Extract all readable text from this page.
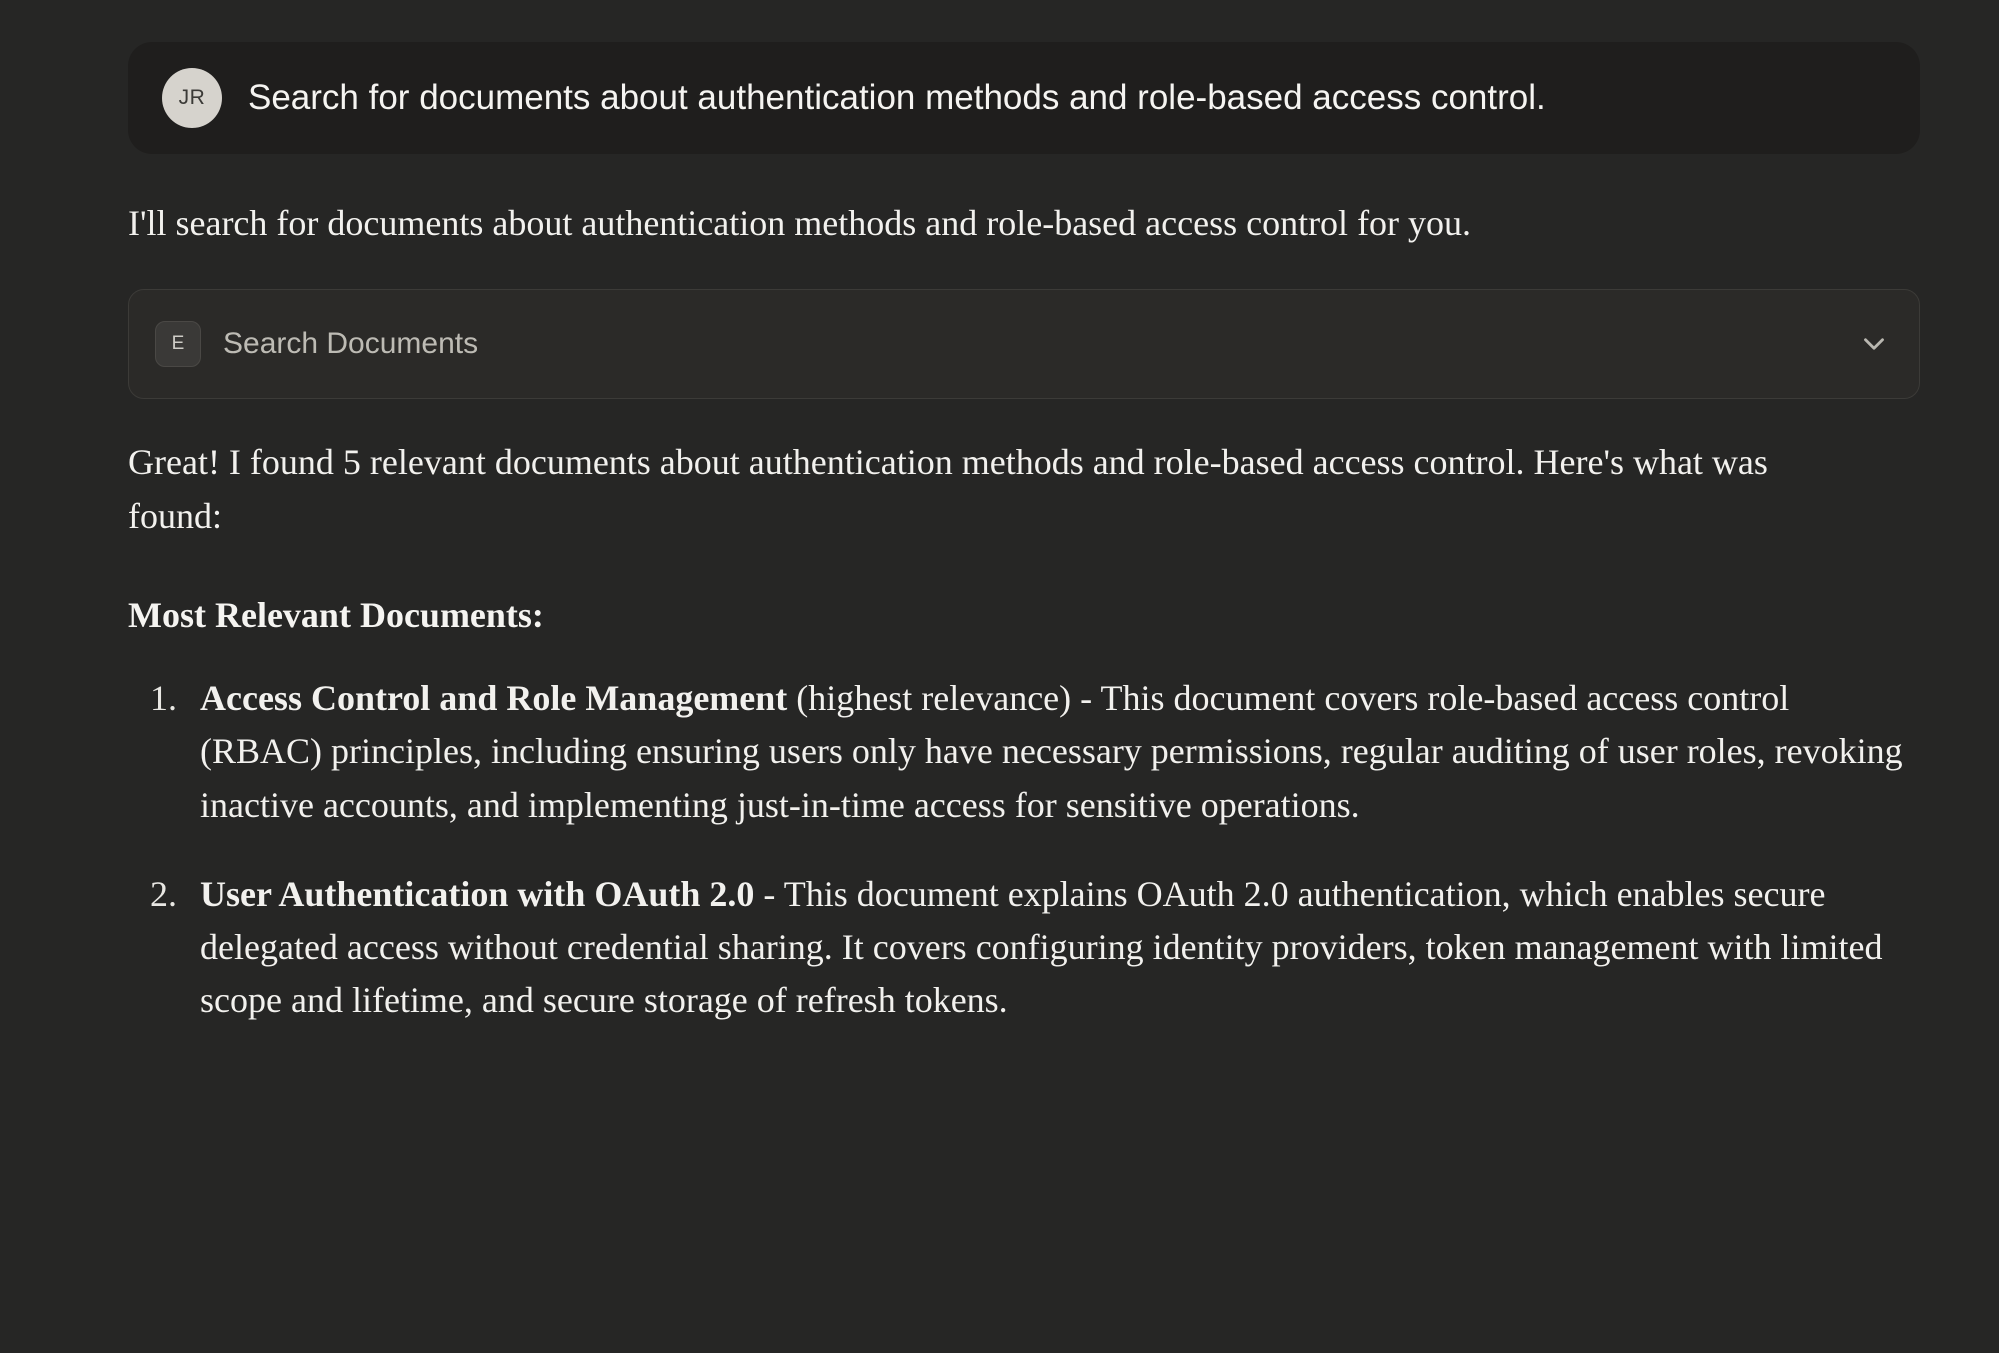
JR	Search for documents about authentication methods and role-based access control.

I'll search for documents about authentication methods and role-based access control for you.

E	Search Documents

Great! I found 5 relevant documents about authentication methods and role-based access control. Here's what was found:

Most Relevant Documents:

1. Access Control and Role Management (highest relevance) - This document covers role-based access control (RBAC) principles, including ensuring users only have necessary permissions, regular auditing of user roles, revoking inactive accounts, and implementing just-in-time access for sensitive operations.
2. User Authentication with OAuth 2.0 - This document explains OAuth 2.0 authentication, which enables secure delegated access without credential sharing. It covers configuring identity providers, token management with limited scope and lifetime, and secure storage of refresh tokens.
